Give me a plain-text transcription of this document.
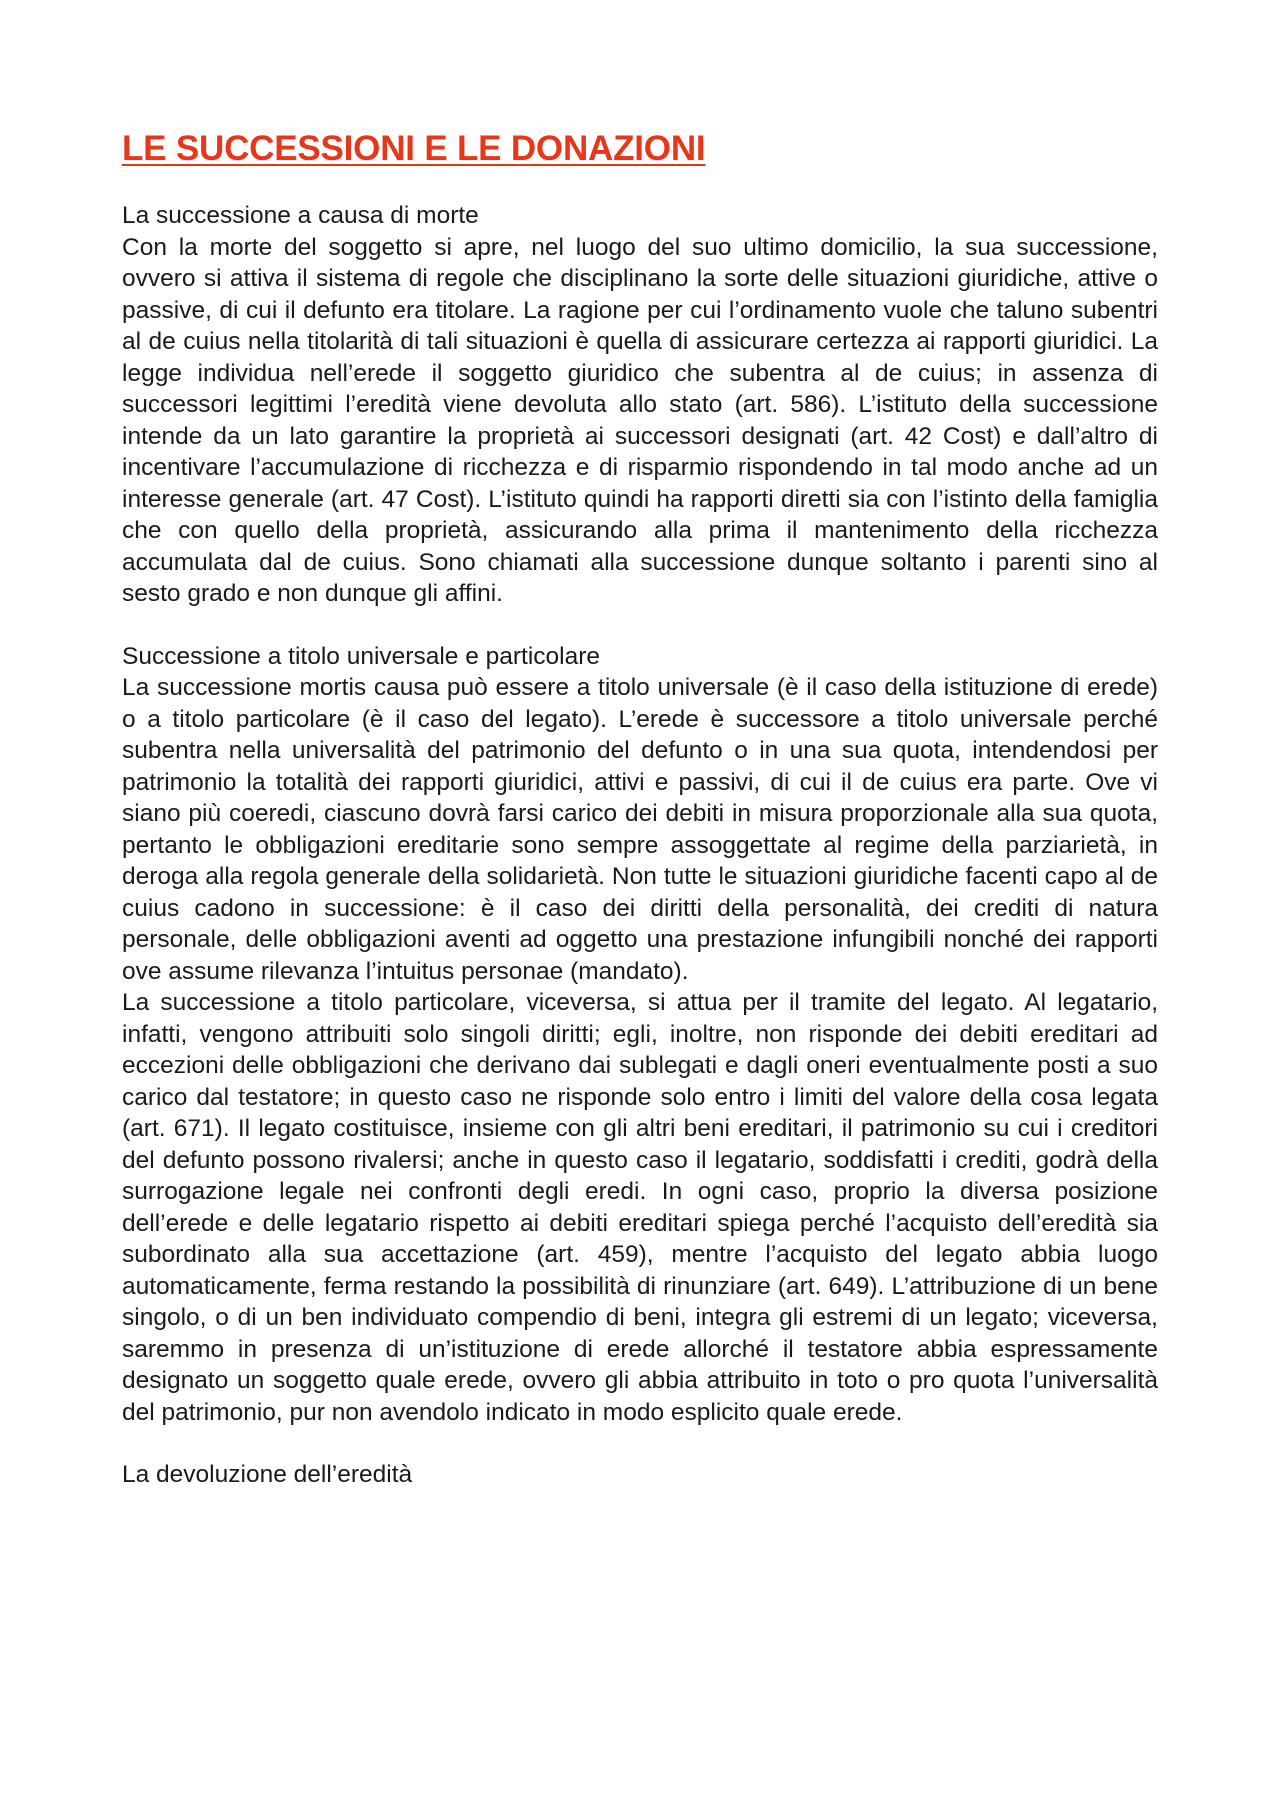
LE SUCCESSIONI E LE DONAZIONI

La successione a causa di morte

Con la morte del soggetto si apre, nel luogo del suo ultimo domicilio, la sua successione, ovvero si attiva il sistema di regole che disciplinano la sorte delle situazioni giuridiche, attive o passive, di cui il defunto era titolare. La ragione per cui l’ordinamento vuole che taluno subentri al de cuius nella titolarità di tali situazioni è quella di assicurare certezza ai rapporti giuridici. La legge individua nell’erede il soggetto giuridico che subentra al de cuius; in assenza di successori legittimi l’eredità viene devoluta allo stato (art. 586). L’istituto della successione intende da un lato garantire la proprietà ai successori designati (art. 42 Cost) e dall’altro di incentivare l’accumulazione di ricchezza e di risparmio rispondendo in tal modo anche ad un interesse generale (art. 47 Cost). L’istituto quindi ha rapporti diretti sia con l’istinto della famiglia che con quello della proprietà, assicurando alla prima il mantenimento della ricchezza accumulata dal de cuius. Sono chiamati alla successione dunque soltanto i parenti sino al sesto grado e non dunque gli affini.

Successione a titolo universale e particolare

La successione mortis causa può essere a titolo universale (è il caso della istituzione di erede) o a titolo particolare (è il caso del legato). L’erede è successore a titolo universale perché subentra nella universalità del patrimonio del defunto o in una sua quota, intendendosi per patrimonio la totalità dei rapporti giuridici, attivi e passivi, di cui il de cuius era parte. Ove vi siano più coeredi, ciascuno dovrà farsi carico dei debiti in misura proporzionale alla sua quota, pertanto le obbligazioni ereditarie sono sempre assoggettate al regime della parziarietà, in deroga alla regola generale della solidarietà. Non tutte le situazioni giuridiche facenti capo al de cuius cadono in successione: è il caso dei diritti della personalità, dei crediti di natura personale, delle obbligazioni aventi ad oggetto una prestazione infungibili nonché dei rapporti ove assume rilevanza l’intuitus personae (mandato).

La successione a titolo particolare, viceversa, si attua per il tramite del legato. Al legatario, infatti, vengono attribuiti solo singoli diritti; egli, inoltre, non risponde dei debiti ereditari ad eccezioni delle obbligazioni che derivano dai sublegati e dagli oneri eventualmente posti a suo carico dal testatore; in questo caso ne risponde solo entro i limiti del valore della cosa legata (art. 671). Il legato costituisce, insieme con gli altri beni ereditari, il patrimonio su cui i creditori del defunto possono rivalersi; anche in questo caso il legatario, soddisfatti i crediti, godrà della surrogazione legale nei confronti degli eredi. In ogni caso, proprio la diversa posizione dell’erede e delle legatario rispetto ai debiti ereditari spiega perché l’acquisto dell’eredità sia subordinato alla sua accettazione (art. 459), mentre l’acquisto del legato abbia luogo automaticamente, ferma restando la possibilità di rinunziare (art. 649). L’attribuzione di un bene singolo, o di un ben individuato compendio di beni, integra gli estremi di un legato; viceversa, saremmo in presenza di un’istituzione di erede allorché il testatore abbia espressamente designato un soggetto quale erede, ovvero gli abbia attribuito in toto o pro quota l’universalità del patrimonio, pur non avendolo indicato in modo esplicito quale erede.

La devoluzione dell’eredità
